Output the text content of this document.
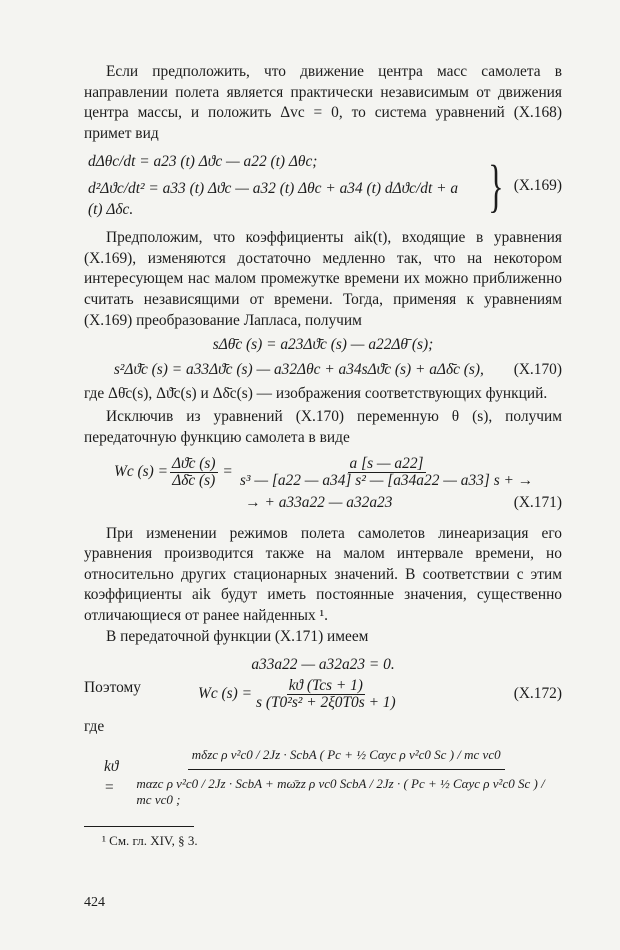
Если предположить, что движение центра масс самолета в направлении полета является практически независимым от движения центра массы, и положить Δvc = 0, то система уравнений (X.168) примет вид

dΔθc/dt = a23 (t) Δϑc — a22 (t) Δθc;
d²Δϑc/dt² = a33 (t) Δϑc — a32 (t) Δθc + a34 (t) dΔϑc/dt + a (t) Δδc.	} (X.169)

Предположим, что коэффициенты aik(t), входящие в уравнения (X.169), изменяются достаточно медленно так, что на некотором интересующем нас малом промежутке времени их можно приближенно считать независящими от времени. Тогда, применяя к уравнениям (X.169) преобразование Лапласа, получим

sΔθ̄c (s) = a23Δϑ̄c (s) — a22Δθ̄ (s);
s²Δϑ̄c (s) = a33Δϑ̄c (s) — a32Δθc + a34sΔϑ̄c (s) + aΔδ̄c (s),	(X.170)

где Δθ̄c(s), Δϑ̄c(s) и Δδ̄c(s) — изображения соответствующих функций.

Исключив из уравнений (X.170) переменную θ (s), получим передаточную функцию самолета в виде

Wc $(s) = \frac{\Delta ϑ̄c (s)}{\Delta\deltāc (s)} = \frac{a [s — a22]}{\text{s³ — [a22 — a34] s² — [a34a22 — a33] s + →}}$
→ + a33a22 — a32a23	(X.171)

При изменении режимов полета самолетов линеаризация его уравнения производится также на малом интервале времени, но относительно других стационарных значений. В соответствии с этим коэффициенты aik будут иметь постоянные значения, существенно отличающиеся от ранее найденных ¹.

В передаточной функции (X.171) имеем

a33a22 — a32a23 = 0.
Поэтому	Wc $(s) = \frac{\text{kϑ (Tcs + 1)}}{\text{s (T0²s² + 2ξ0T0s + 1)}}$	(X.172)

где

kϑ =
mδzc ρ v²c0 / 2Jz · ScbA ( Pc + ½ Cαyc ρ v²c0 Sc ) / mc vc0
mαzc ρ v²c0 / 2Jz · ScbA + mω̄zz ρ vc0 ScbA / 2Jz · ( Pc + ½ Cαyc ρ v²c0 Sc ) / mc vc0 ;

¹ См. гл. XIV, § 3.

424
